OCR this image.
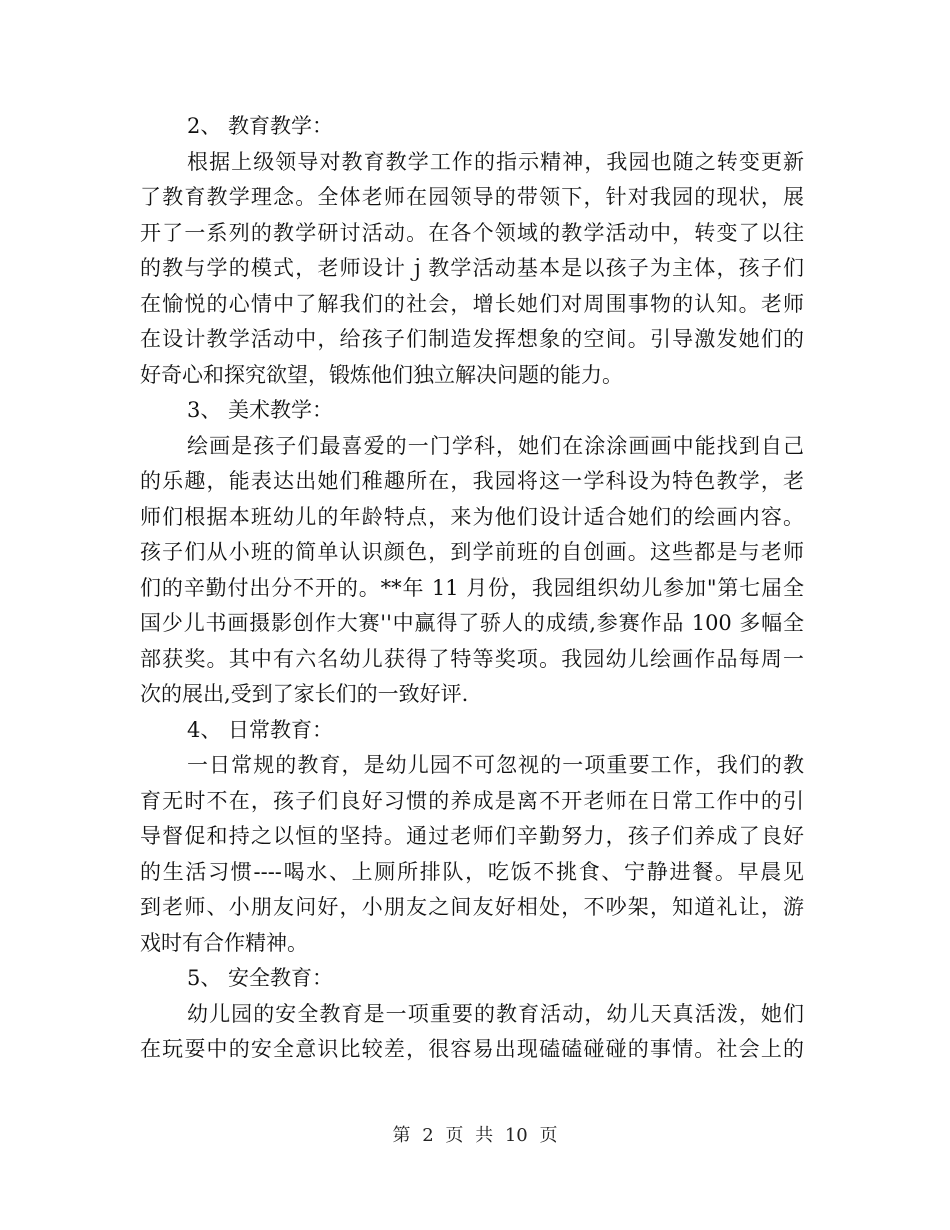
2、 教育教学：
根据上级领导对教育教学工作的指示精神，我园也随之转变更新
了教育教学理念。全体老师在园领导的带领下，针对我园的现状，展
开了一系列的教学研讨活动。在各个领域的教学活动中，转变了以往
的教与学的模式，老师设计ｊ教学活动基本是以孩子为主体，孩子们
在愉悦的心情中了解我们的社会，增长她们对周围事物的认知。老师
在设计教学活动中，给孩子们制造发挥想象的空间。引导激发她们的
好奇心和探究欲望，锻炼他们独立解决问题的能力。
3、 美术教学：
绘画是孩子们最喜爱的一门学科，她们在涂涂画画中能找到自己
的乐趣，能表达出她们稚趣所在，我园将这一学科设为特色教学，老
师们根据本班幼儿的年龄特点，来为他们设计适合她们的绘画内容。
孩子们从小班的简单认识颜色，到学前班的自创画。这些都是与老师
们的辛勤付出分不开的。**年 11 月份，我园组织幼儿参加"第七届全
国少儿书画摄影创作大赛''中赢得了骄人的成绩,参赛作品 100 多幅全
部获奖。其中有六名幼儿获得了特等奖项。我园幼儿绘画作品每周一
次的展出,受到了家长们的一致好评.
4、 日常教育：
一日常规的教育，是幼儿园不可忽视的一项重要工作，我们的教
育无时不在，孩子们良好习惯的养成是离不开老师在日常工作中的引
导督促和持之以恒的坚持。通过老师们辛勤努力，孩子们养成了良好
的生活习惯----喝水、上厕所排队，吃饭不挑食、宁静进餐。早晨见
到老师、小朋友问好，小朋友之间友好相处，不吵架，知道礼让，游
戏时有合作精神。
5、 安全教育：
幼儿园的安全教育是一项重要的教育活动，幼儿天真活泼，她们
在玩耍中的安全意识比较差，很容易出现磕磕碰碰的事情。社会上的
第 2 页 共 10 页
